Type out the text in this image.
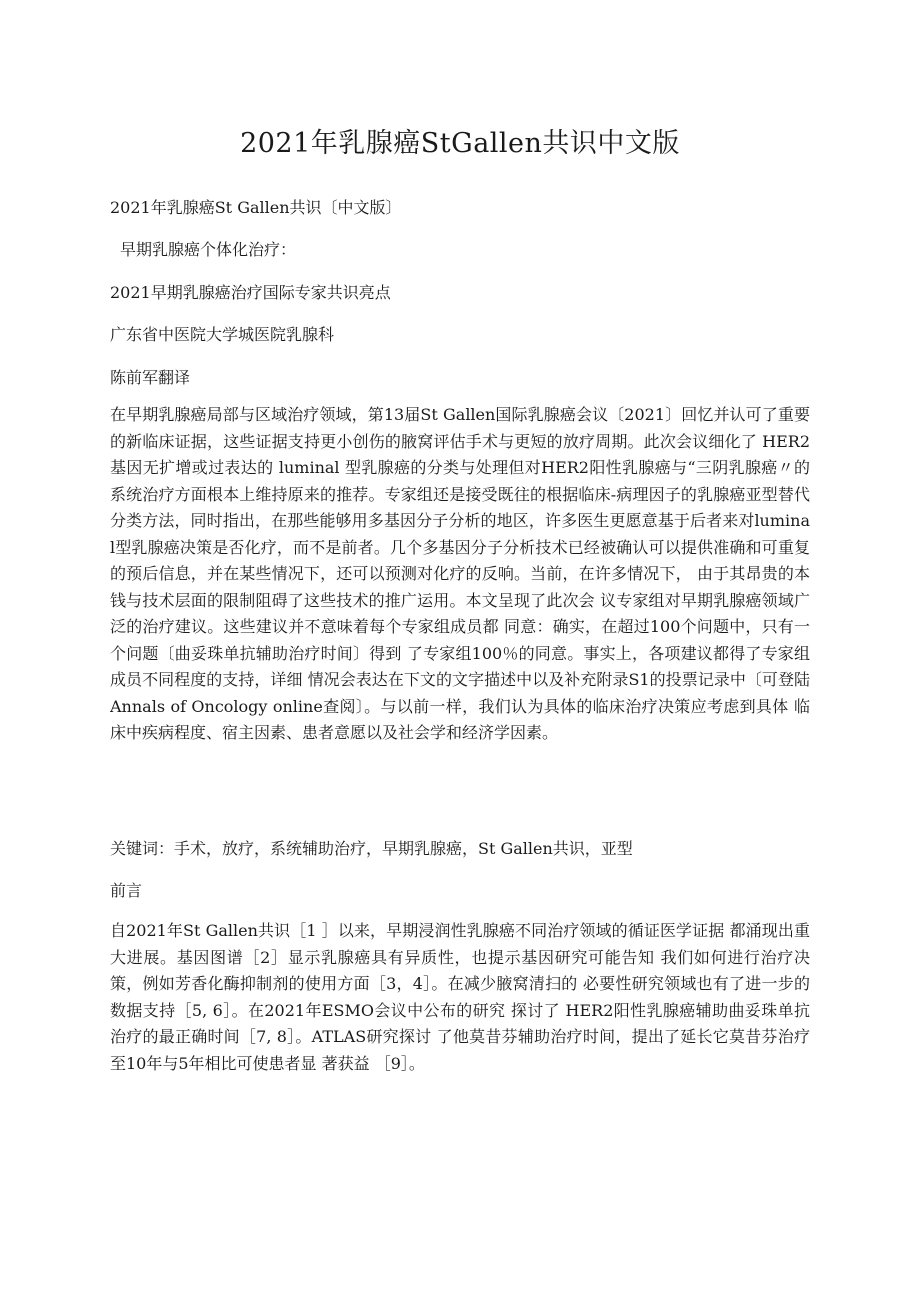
2021年乳腺癌StGallen共识中文版

2021年乳腺癌St Gallen共识〔中文版〕

早期乳腺癌个体化治疗：

2021早期乳腺癌治疗国际专家共识亮点

广东省中医院大学城医院乳腺科

陈前军翻译

在早期乳腺癌局部与区域治疗领域，第13届St Gallen国际乳腺癌会议〔2021〕回忆并认可了重要的新临床证据，这些证据支持更小创伤的腋窝评估手术与更短的放疗周期。此次会议细化了 HER2 基因无扩增或过表达的 luminal 型乳腺癌的分类与处理但对HER2阳性乳腺癌与“三阴乳腺癌〃的系统治疗方面根本上维持原来的推荐。专家组还是接受既往的根据临床-病理因子的乳腺癌亚型替代分类方法，同时指出，在那些能够用多基因分子分析的地区，许多医生更愿意基于后者来对luminal型乳腺癌决策是否化疗，而不是前者。几个多基因分子分析技术已经被确认可以提供准确和可重复的预后信息，并在某些情况下，还可以预测对化疗的反响。当前，在许多情况下， 由于其昂贵的本钱与技术层面的限制阻碍了这些技术的推广运用。本文呈现了此次会 议专家组对早期乳腺癌领域广泛的治疗建议。这些建议并不意味着每个专家组成员都 同意：确实，在超过100个问题中，只有一个问题〔曲妥珠单抗辅助治疗时间〕得到 了专家组100％的同意。事实上，各项建议都得了专家组成员不同程度的支持，详细 情况会表达在下文的文字描述中以及补充附录S1的投票记录中〔可登陆Annals of Oncology online查阅〕。与以前一样，我们认为具体的临床治疗决策应考虑到具体 临床中疾病程度、宿主因素、患者意愿以及社会学和经济学因素。

关键词：手术，放疗，系统辅助治疗，早期乳腺癌，St Gallen共识，亚型

前言

自2021年St Gallen共识［1 ］以来，早期浸润性乳腺癌不同治疗领域的循证医学证据 都涌现出重大进展。基因图谱［2］显示乳腺癌具有异质性，也提示基因研究可能告知 我们如何进行治疗决策，例如芳香化酶抑制剂的使用方面［3，4］。在减少腋窝清扫的 必要性研究领域也有了进一步的数据支持［5, 6］。在2021年ESMO会议中公布的研究 探讨了 HER2阳性乳腺癌辅助曲妥珠单抗治疗的最正确时间［7, 8］。ATLAS研究探讨 了他莫昔芬辅助治疗时间，提出了延长它莫昔芬治疗至10年与5年相比可使患者显 著获益 ［9］。
